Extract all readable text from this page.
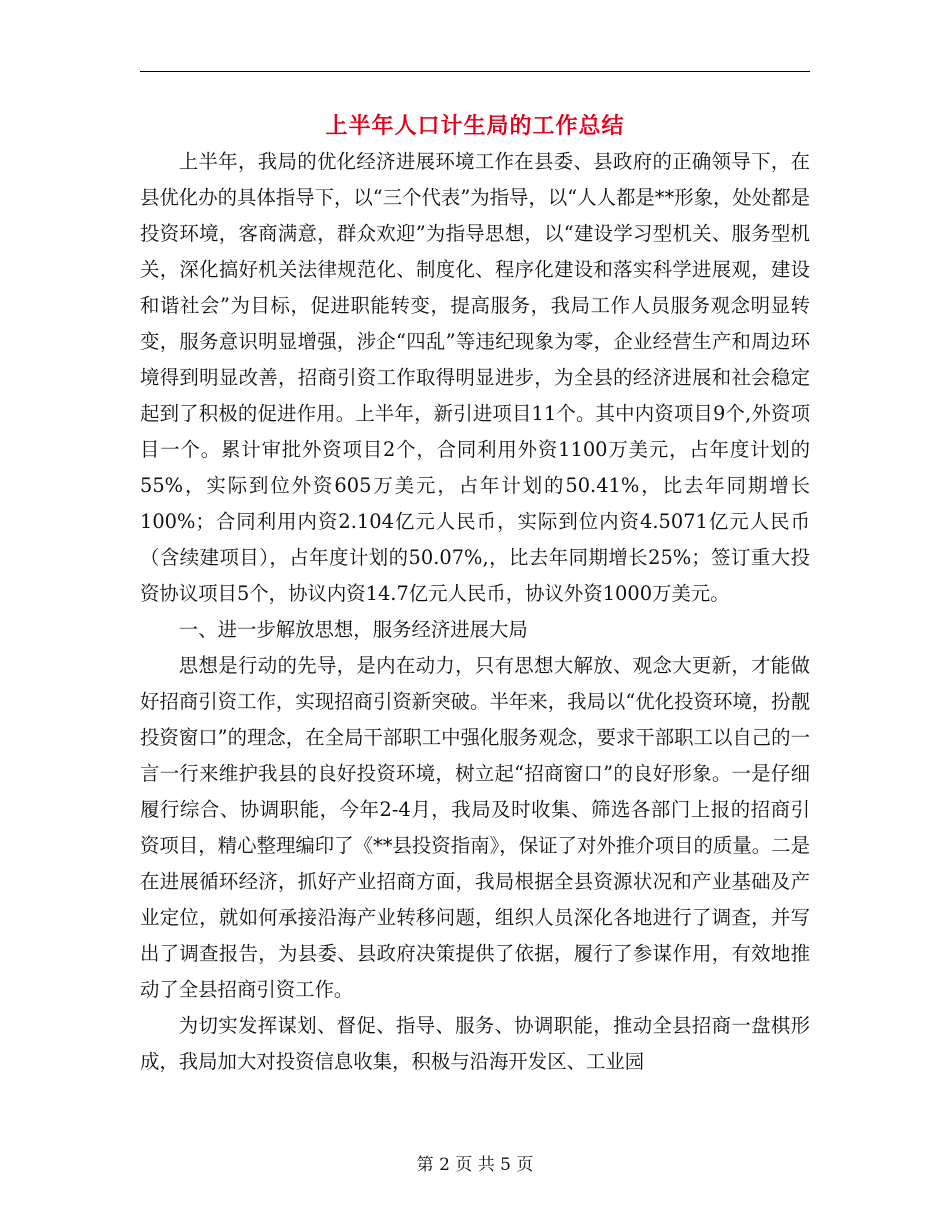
上半年人口计生局的工作总结

上半年，我局的优化经济进展环境工作在县委、县政府的正确领导下，在县优化办的具体指导下，以“三个代表”为指导，以“人人都是**形象，处处都是投资环境，客商满意，群众欢迎”为指导思想，以“建设学习型机关、服务型机关，深化搞好机关法律规范化、制度化、程序化建设和落实科学进展观，建设和谐社会”为目标，促进职能转变，提高服务，我局工作人员服务观念明显转变，服务意识明显增强，涉企“四乱”等违纪现象为零，企业经营生产和周边环境得到明显改善，招商引资工作取得明显进步，为全县的经济进展和社会稳定起到了积极的促进作用。上半年，新引进项目11个。其中内资项目9个,外资项目一个。累计审批外资项目2个，合同利用外资1100万美元，占年度计划的55%，实际到位外资605万美元，占年计划的50.41%，比去年同期增长100%；合同利用内资2.104亿元人民币，实际到位内资4.5071亿元人民币（含续建项目），占年度计划的50.07%,，比去年同期增长25%；签订重大投资协议项目5个，协议内资14.7亿元人民币，协议外资1000万美元。

一、进一步解放思想，服务经济进展大局

思想是行动的先导，是内在动力，只有思想大解放、观念大更新，才能做好招商引资工作，实现招商引资新突破。半年来，我局以“优化投资环境，扮靓投资窗口”的理念，在全局干部职工中强化服务观念，要求干部职工以自己的一言一行来维护我县的良好投资环境，树立起“招商窗口”的良好形象。一是仔细履行综合、协调职能，今年2-4月，我局及时收集、筛选各部门上报的招商引资项目，精心整理编印了《**县投资指南》，保证了对外推介项目的质量。二是在进展循环经济，抓好产业招商方面，我局根据全县资源状况和产业基础及产业定位，就如何承接沿海产业转移问题，组织人员深化各地进行了调查，并写出了调查报告，为县委、县政府决策提供了依据，履行了参谋作用，有效地推动了全县招商引资工作。

为切实发挥谋划、督促、指导、服务、协调职能，推动全县招商一盘棋形成，我局加大对投资信息收集，积极与沿海开发区、工业园

第 2 页 共 5 页
